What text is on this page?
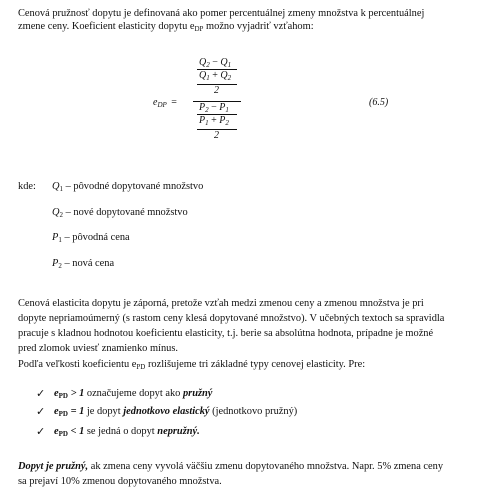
Cenová pružnosť dopytu je definovaná ako pomer percentuálnej zmeny množstva k percentuálnej
zmene ceny. Koeficient elasticity dopytu $e_{DP}$ možno vyjadriť vzťahom:
$e_{DP}$ =
$Q_2 - Q_1$
$Q_1 + Q_2$
2
$P_2 - P_1$
$P_1 + P_2$
2
(6.5)
kde: $Q_1$ – pôvodné dopytované množstvo
$Q_2$ – nové dopytované množstvo
$P_1$ – pôvodná cena
$P_2$ – nová cena
Cenová elasticita dopytu je záporná, pretože vzťah medzi zmenou ceny a zmenou množstva je pri
dopyte nepriamoúmerný (s rastom ceny klesá dopytované množstvo). V učebných textoch sa spravidla
pracuje s kladnou hodnotou koeficientu elasticity, t.j. berie sa absolútna hodnota, prípadne je možné
pred zlomok uviesť znamienko mínus.
Podľa veľkosti koeficientu $e_{PD}$ rozlišujeme tri základné typy cenovej elasticity. Pre:
✓ $e_{PD} > 1$ označujeme dopyt ako pružný
✓ $e_{PD} = 1$ je dopyt jednotkovo elastický (jednotkovo pružný)
✓ $e_{PD} < 1$ se jedná o dopyt nepružný.
Dopyt je pružný, ak zmena ceny vyvolá väčšiu zmenu dopytovaného množstva. Napr. 5% zmena ceny
sa prejaví 10% zmenou dopytovaného množstva.
